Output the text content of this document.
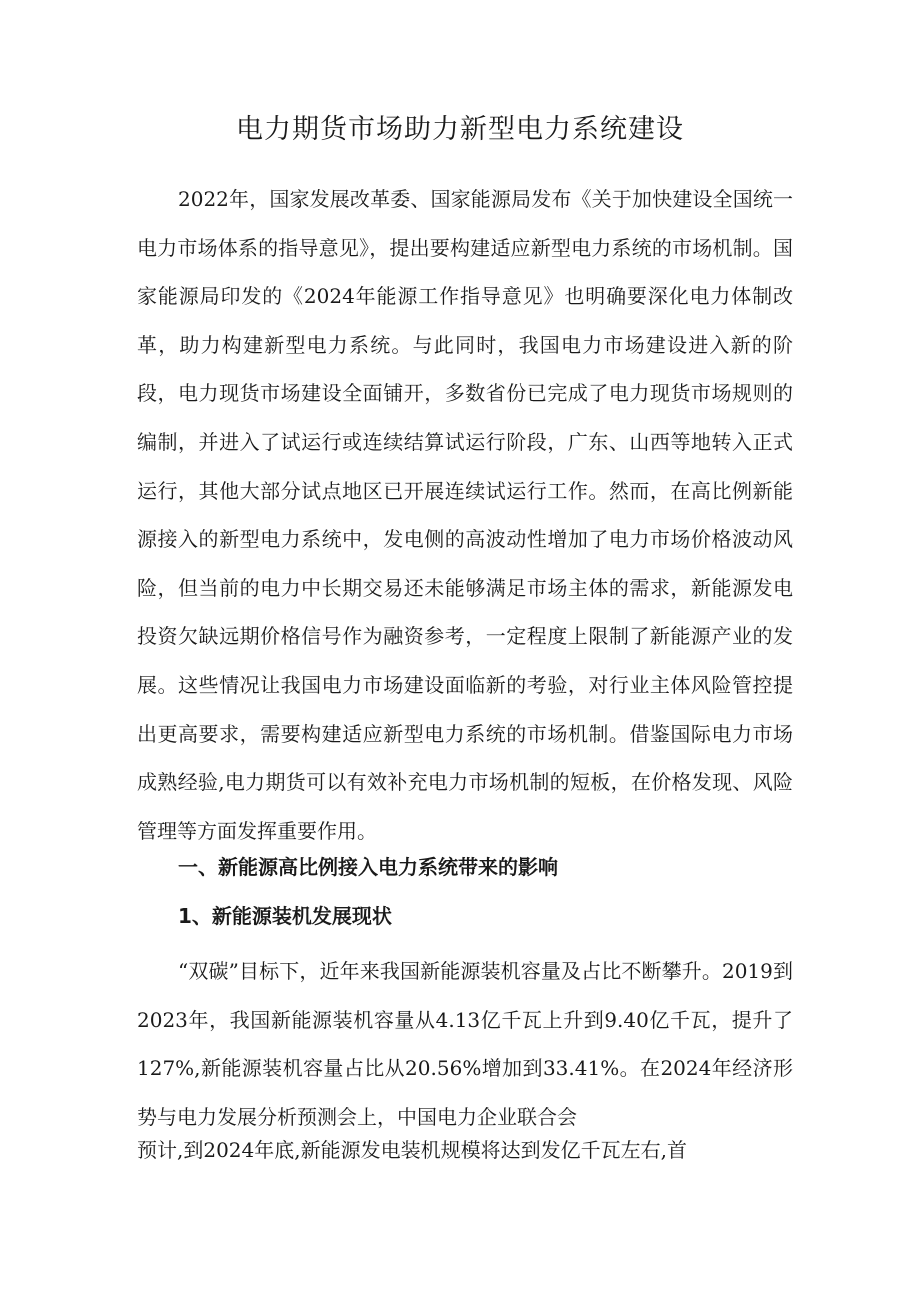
电力期货市场助力新型电力系统建设

2022年，国家发展改革委、国家能源局发布《关于加快建设全国统一电力市场体系的指导意见》，提出要构建适应新型电力系统的市场机制。国家能源局印发的《2024年能源工作指导意见》也明确要深化电力体制改革，助力构建新型电力系统。与此同时，我国电力市场建设进入新的阶段，电力现货市场建设全面铺开，多数省份已完成了电力现货市场规则的编制，并进入了试运行或连续结算试运行阶段，广东、山西等地转入正式运行，其他大部分试点地区已开展连续试运行工作。然而，在高比例新能源接入的新型电力系统中，发电侧的高波动性增加了电力市场价格波动风险，但当前的电力中长期交易还未能够满足市场主体的需求，新能源发电投资欠缺远期价格信号作为融资参考，一定程度上限制了新能源产业的发展。这些情况让我国电力市场建设面临新的考验，对行业主体风险管控提出更高要求，需要构建适应新型电力系统的市场机制。借鉴国际电力市场成熟经验,电力期货可以有效补充电力市场机制的短板，在价格发现、风险管理等方面发挥重要作用。

一、新能源高比例接入电力系统带来的影响
1、新能源装机发展现状

“双碳”目标下，近年来我国新能源装机容量及占比不断攀升。2019到2023年，我国新能源装机容量从4.13亿千瓦上升到9.40亿千瓦，提升了127%,新能源装机容量占比从20.56%增加到33.41%。在2024年经济形势与电力发展分析预测会上，中国电力企业联合会

预计,到2024年底,新能源发电装机规模将达到发亿千瓦左右,首
